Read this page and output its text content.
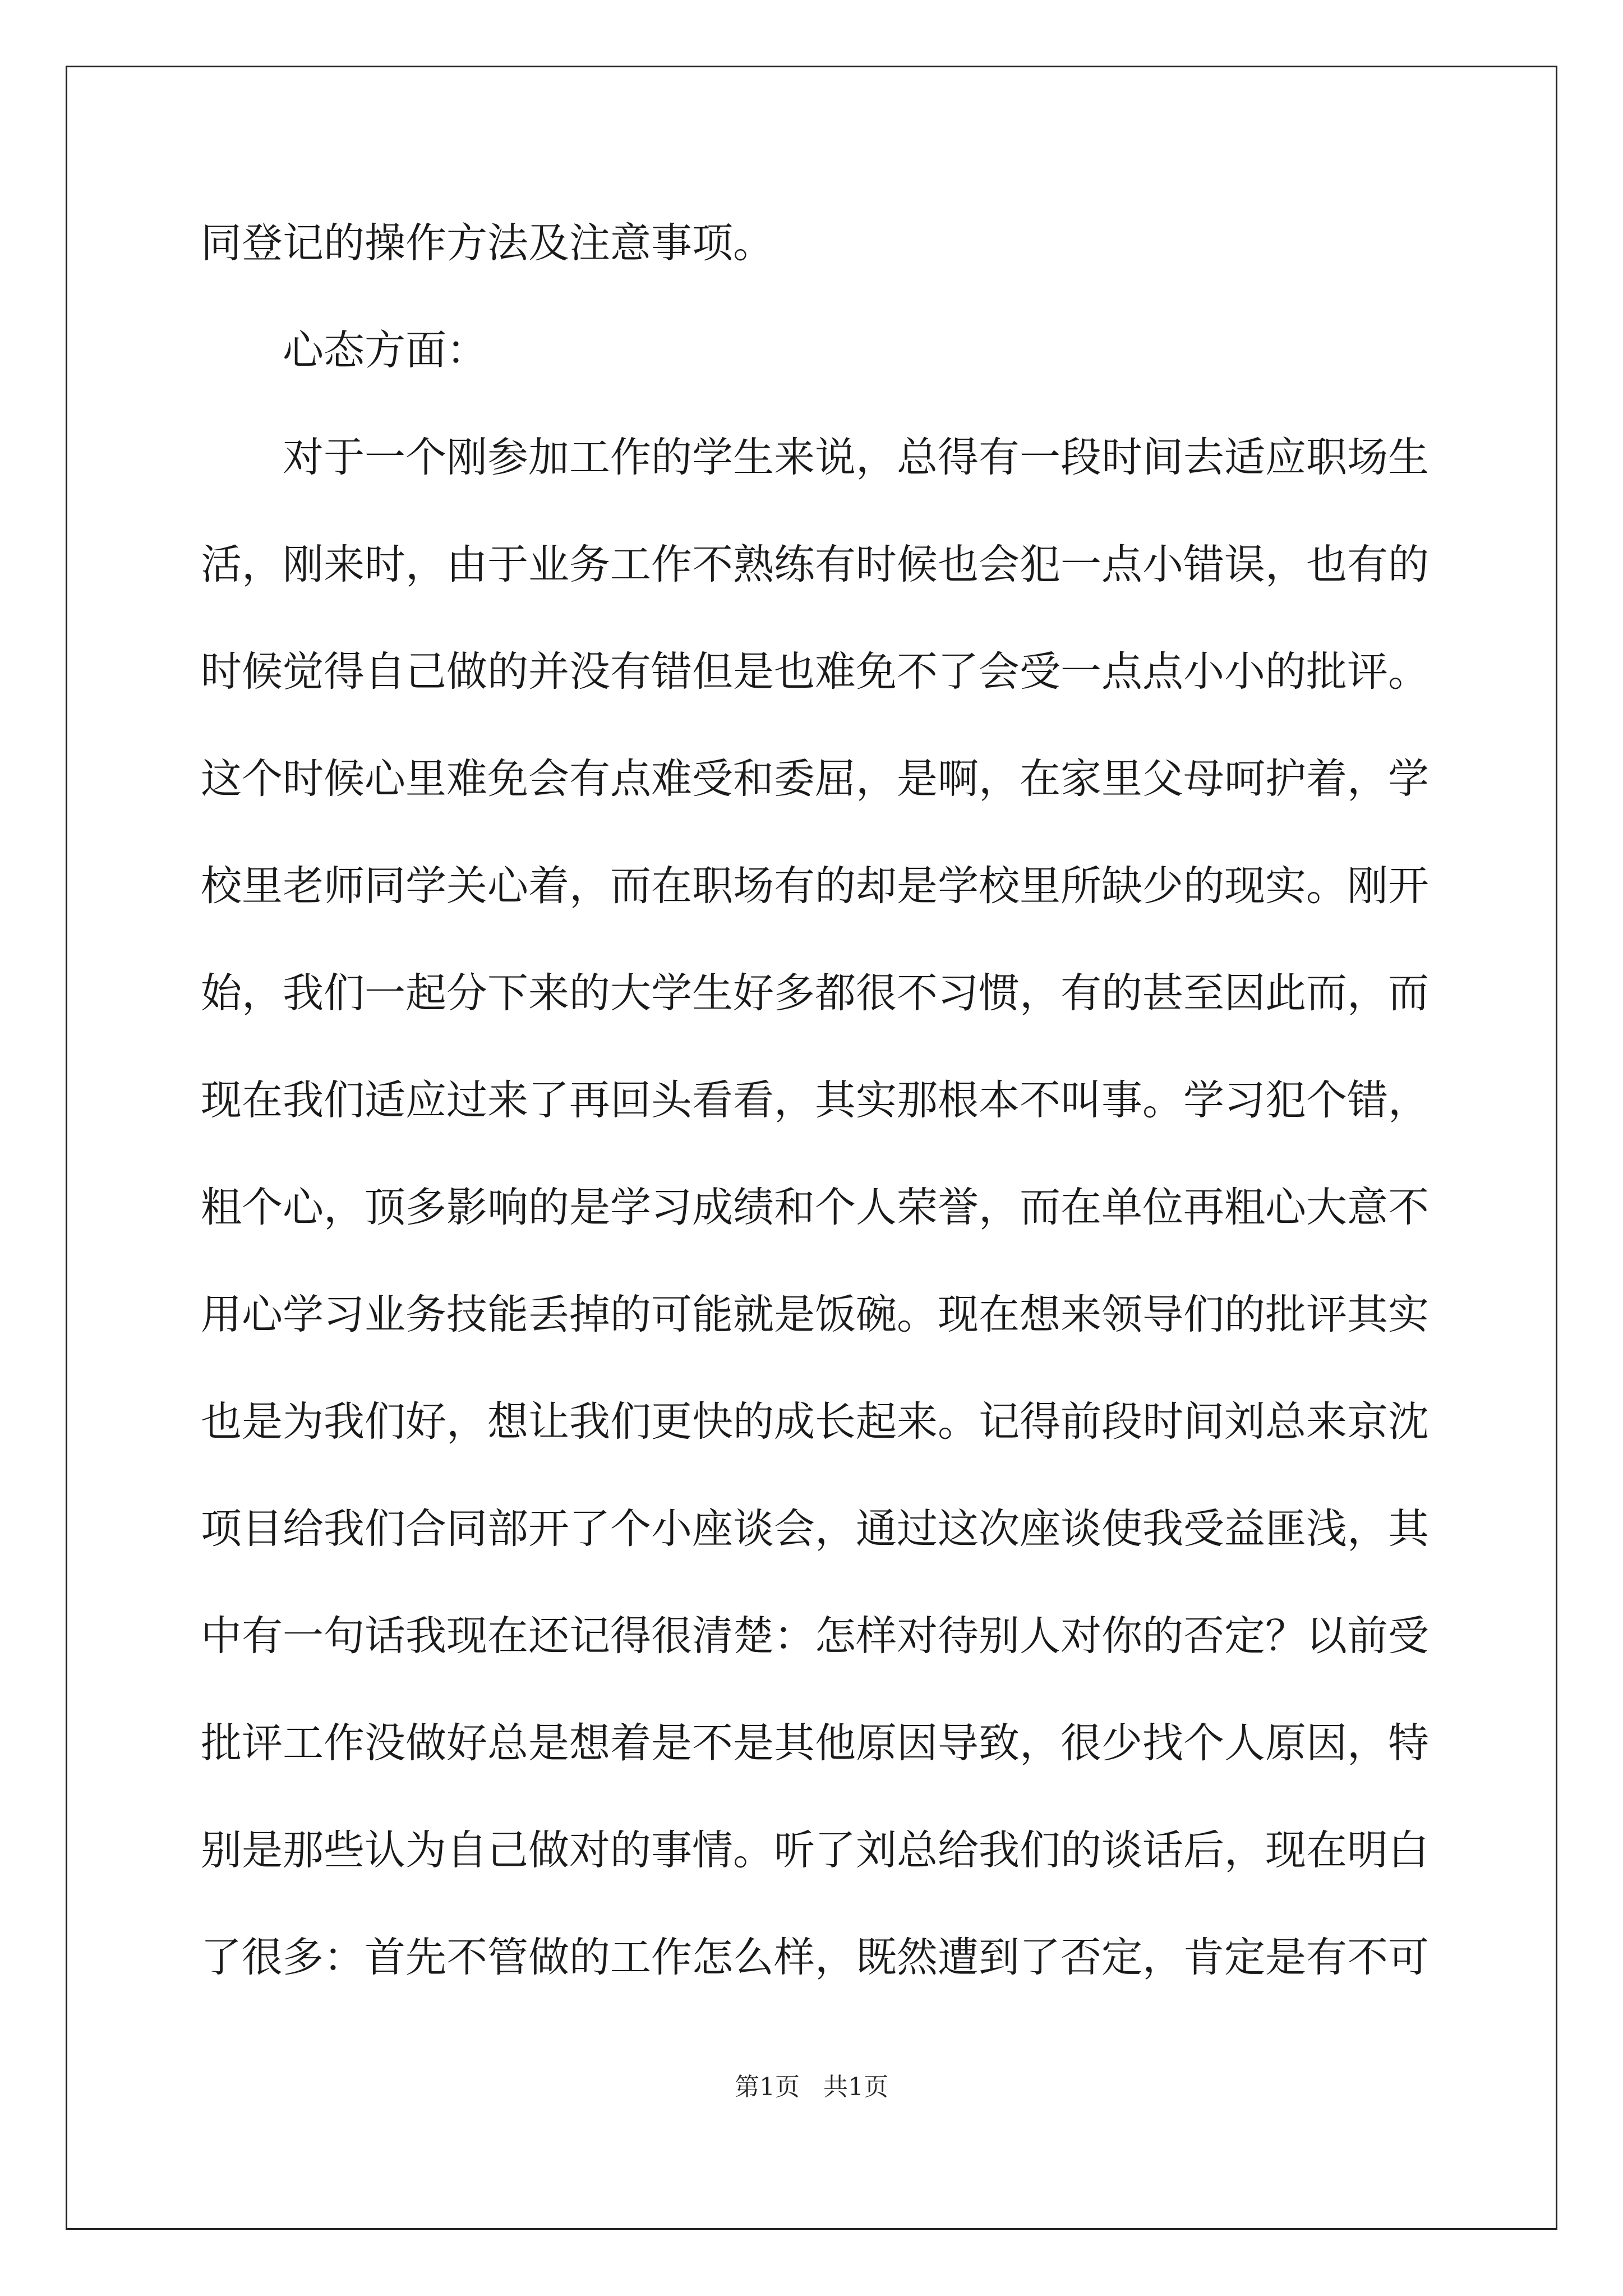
同登记的操作方法及注意事项。
心态方面：
对于一个刚参加工作的学生来说，总得有一段时间去适应职场生
活，刚来时，由于业务工作不熟练有时候也会犯一点小错误，也有的
时候觉得自己做的并没有错但是也难免不了会受一点点小小的批评。
这个时候心里难免会有点难受和委屈，是啊，在家里父母呵护着，学
校里老师同学关心着，而在职场有的却是学校里所缺少的现实。刚开
始，我们一起分下来的大学生好多都很不习惯，有的甚至因此而，而
现在我们适应过来了再回头看看，其实那根本不叫事。学习犯个错，
粗个心，顶多影响的是学习成绩和个人荣誉，而在单位再粗心大意不
用心学习业务技能丢掉的可能就是饭碗。现在想来领导们的批评其实
也是为我们好，想让我们更快的成长起来。记得前段时间刘总来京沈
项目给我们合同部开了个小座谈会，通过这次座谈使我受益匪浅，其
中有一句话我现在还记得很清楚：怎样对待别人对你的否定？以前受
批评工作没做好总是想着是不是其他原因导致，很少找个人原因，特
别是那些认为自己做对的事情。听了刘总给我们的谈话后，现在明白
了很多：首先不管做的工作怎么样，既然遭到了否定，肯定是有不可
第1页   共1页
